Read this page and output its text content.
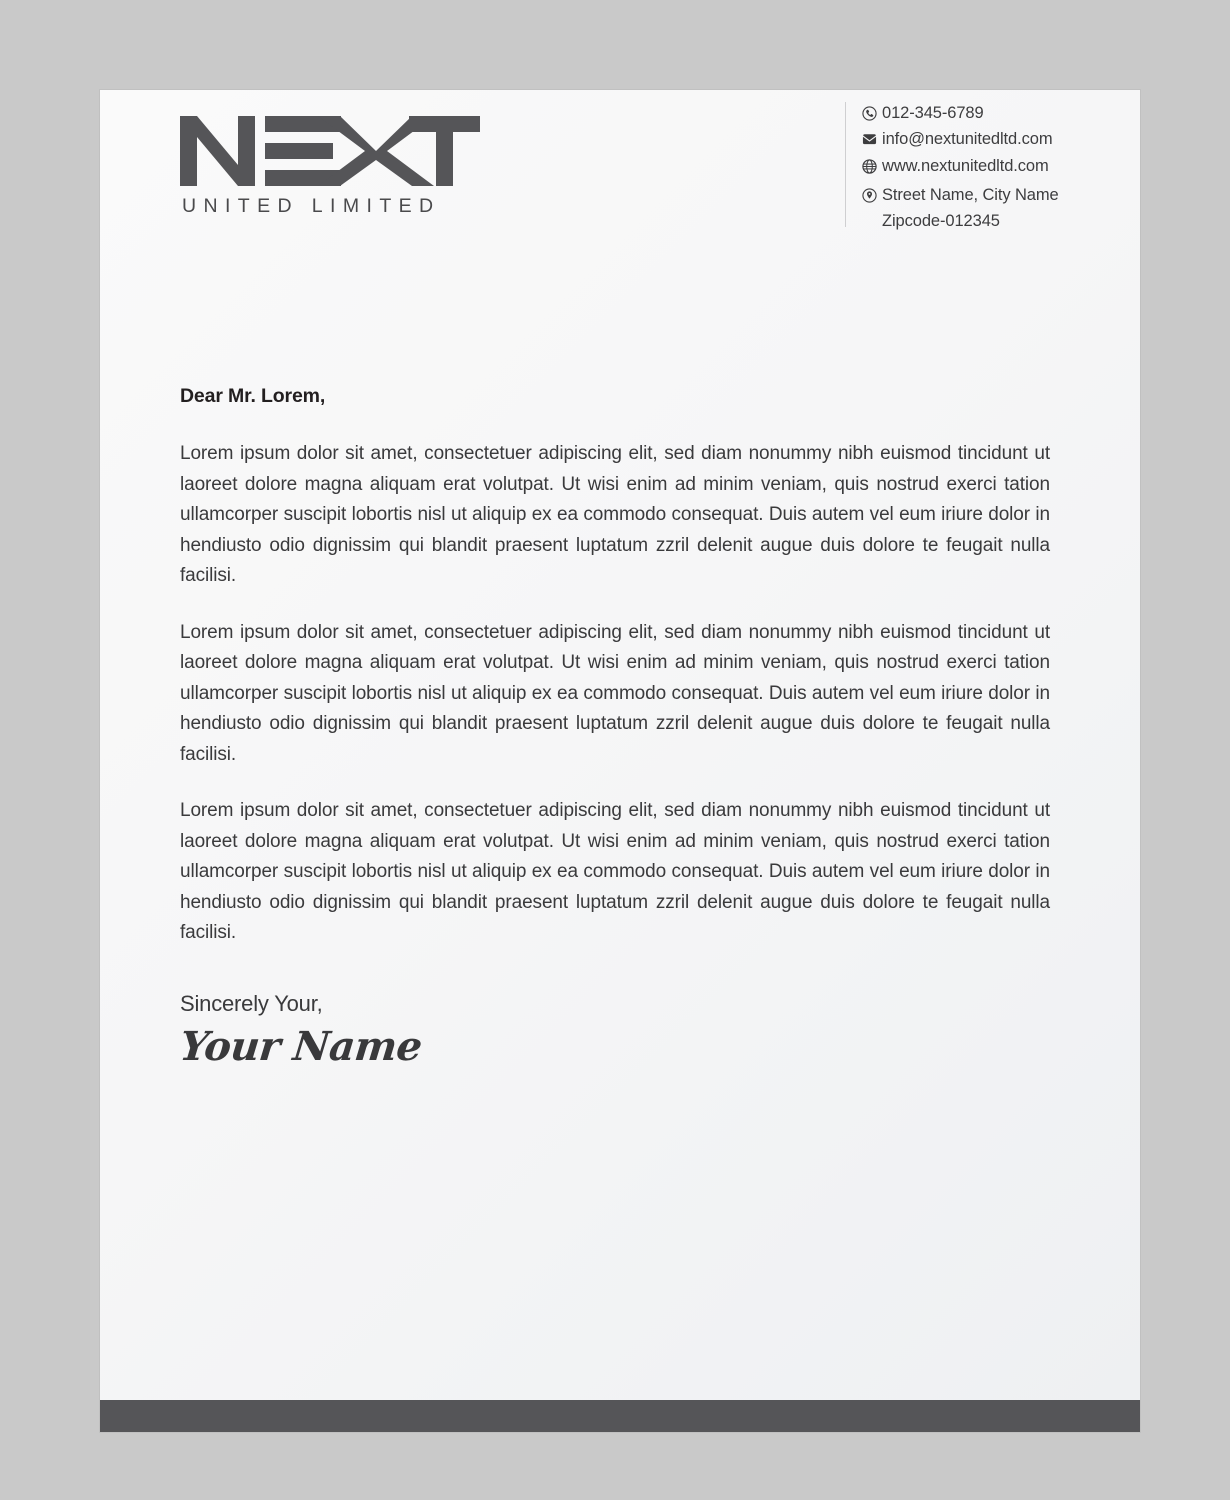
UNITED LIMITED
012-345-6789
info@nextunitedltd.com
www.nextunitedltd.com
Street Name, City Name
Zipcode-012345
Dear Mr. Lorem,

Lorem ipsum dolor sit amet, consectetuer adipiscing elit, sed diam nonummy nibh euismod tincidunt ut laoreet dolore magna aliquam erat volutpat. Ut wisi enim ad minim veniam, quis nostrud exerci tation ullamcorper suscipit lobortis nisl ut aliquip ex ea commodo consequat. Duis autem vel eum iriure dolor in hendiusto odio dignissim qui blandit praesent luptatum zzril delenit augue duis dolore te feugait nulla facilisi.

Lorem ipsum dolor sit amet, consectetuer adipiscing elit, sed diam nonummy nibh euismod tincidunt ut laoreet dolore magna aliquam erat volutpat. Ut wisi enim ad minim veniam, quis nostrud exerci tation ullamcorper suscipit lobortis nisl ut aliquip ex ea commodo consequat. Duis autem vel eum iriure dolor in hendiusto odio dignissim qui blandit praesent luptatum zzril delenit augue duis dolore te feugait nulla facilisi.

Lorem ipsum dolor sit amet, consectetuer adipiscing elit, sed diam nonummy nibh euismod tincidunt ut laoreet dolore magna aliquam erat volutpat. Ut wisi enim ad minim veniam, quis nostrud exerci tation ullamcorper suscipit lobortis nisl ut aliquip ex ea commodo consequat. Duis autem vel eum iriure dolor in hendiusto odio dignissim qui blandit praesent luptatum zzril delenit augue duis dolore te feugait nulla facilisi.

Sincerely Your,
Your Name
